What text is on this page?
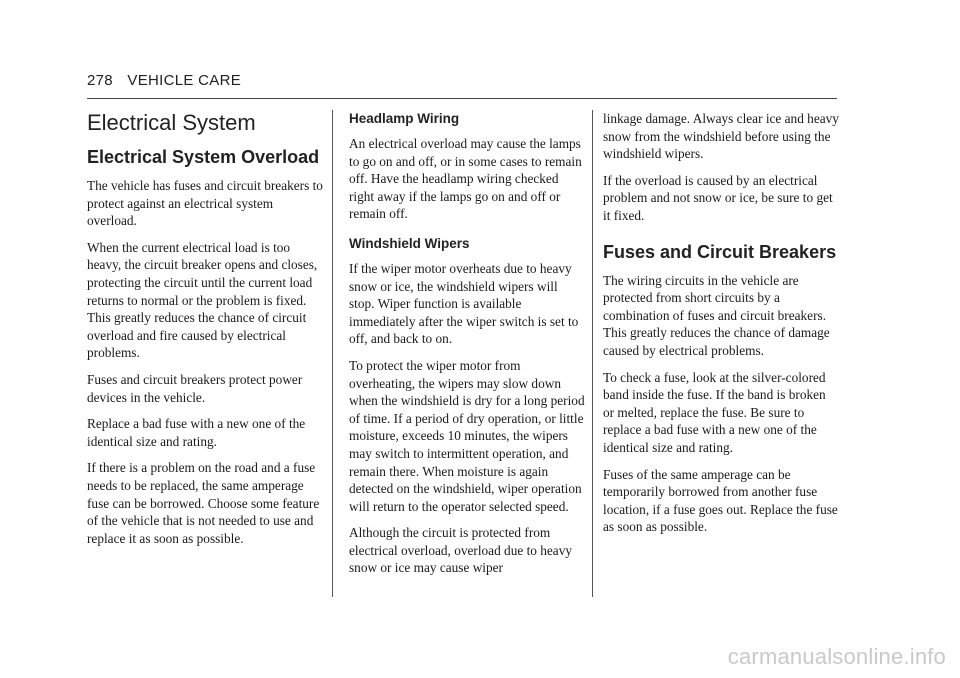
278 VEHICLE CARE
Electrical System
Electrical System Overload

The vehicle has fuses and circuit breakers to protect against an electrical system overload.

When the current electrical load is too heavy, the circuit breaker opens and closes, protecting the circuit until the current load returns to normal or the problem is fixed. This greatly reduces the chance of circuit overload and fire caused by electrical problems.

Fuses and circuit breakers protect power devices in the vehicle.

Replace a bad fuse with a new one of the identical size and rating.

If there is a problem on the road and a fuse needs to be replaced, the same amperage fuse can be borrowed. Choose some feature of the vehicle that is not needed to use and replace it as soon as possible.

Headlamp Wiring

An electrical overload may cause the lamps to go on and off, or in some cases to remain off. Have the headlamp wiring checked right away if the lamps go on and off or remain off.

Windshield Wipers

If the wiper motor overheats due to heavy snow or ice, the windshield wipers will stop. Wiper function is available immediately after the wiper switch is set to off, and back to on.

To protect the wiper motor from overheating, the wipers may slow down when the windshield is dry for a long period of time. If a period of dry operation, or little moisture, exceeds 10 minutes, the wipers may switch to intermittent operation, and remain there. When moisture is again detected on the windshield, wiper operation will return to the operator selected speed.

Although the circuit is protected from electrical overload, overload due to heavy snow or ice may cause wiper

linkage damage. Always clear ice and heavy snow from the windshield before using the windshield wipers.

If the overload is caused by an electrical problem and not snow or ice, be sure to get it fixed.

Fuses and Circuit Breakers

The wiring circuits in the vehicle are protected from short circuits by a combination of fuses and circuit breakers. This greatly reduces the chance of damage caused by electrical problems.

To check a fuse, look at the silver-colored band inside the fuse. If the band is broken or melted, replace the fuse. Be sure to replace a bad fuse with a new one of the identical size and rating.

Fuses of the same amperage can be temporarily borrowed from another fuse location, if a fuse goes out. Replace the fuse as soon as possible.

carmanualsonline.info
